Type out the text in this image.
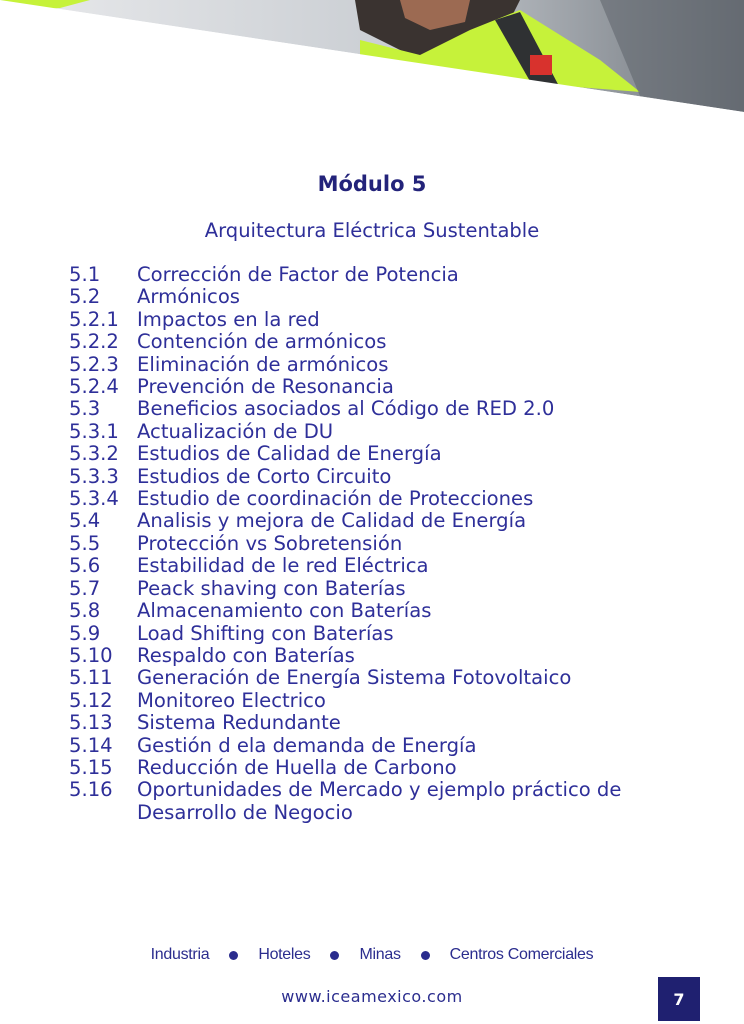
Módulo 5
Arquitectura Eléctrica Sustentable
5.1	Corrección de Factor de Potencia
5.2	Armónicos
5.2.1 Impactos en la red
5.2.2 Contención de armónicos
5.2.3 Eliminación de armónicos
5.2.4 Prevención de Resonancia
5.3	Beneficios asociados al Código de RED 2.0
5.3.1 Actualización de DU
5.3.2 Estudios de Calidad de Energía
5.3.3 Estudios de Corto Circuito
5.3.4 Estudio de coordinación de Protecciones
5.4	Analisis y mejora de Calidad de Energía
5.5	Protección vs Sobretensión
5.6	Estabilidad de le red Eléctrica
5.7	Peack shaving con Baterías
5.8	Almacenamiento con Baterías
5.9	Load Shifting con Baterías
5.10	Respaldo con Baterías
5.11	Generación de Energía Sistema Fotovoltaico
5.12	Monitoreo Electrico
5.13	Sistema Redundante
5.14	Gestión d ela demanda de Energía
5.15	Reducción de Huella de Carbono
5.16	Oportunidades de Mercado y ejemplo práctico de Desarrollo de Negocio
Industria	Hoteles	Minas	Centros Comerciales
www.iceamexico.com	7
